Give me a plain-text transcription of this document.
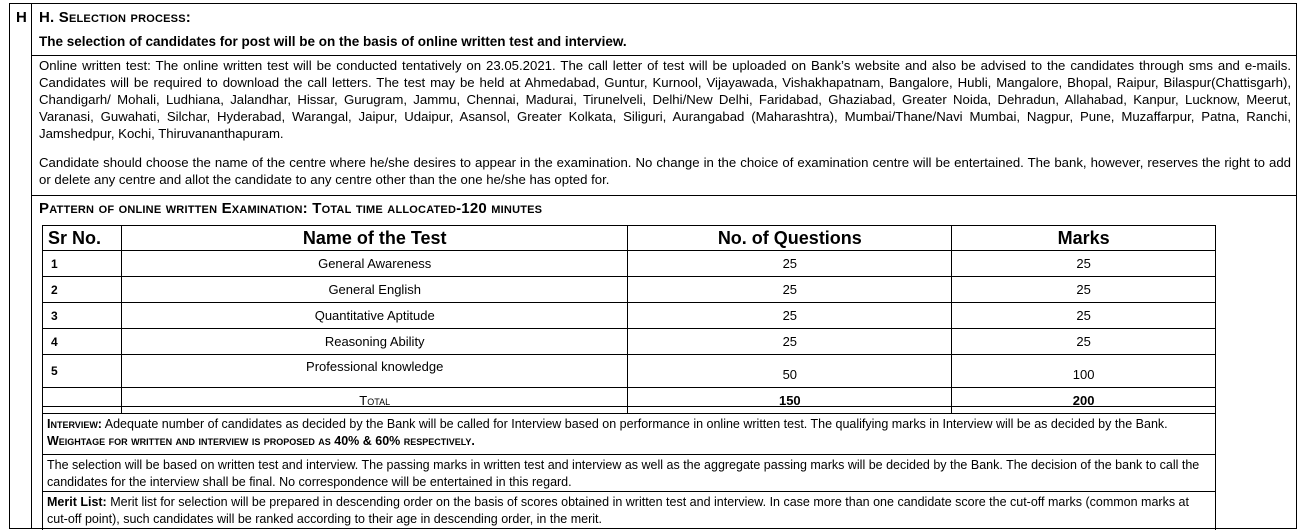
H H. Selection process:
The selection of candidates for post will be on the basis of online written test and interview.
Online written test: The online written test will be conducted tentatively on 23.05.2021. The call letter of test will be uploaded on Bank’s website and also be advised to the candidates through sms and e-mails. Candidates will be required to download the call letters. The test may be held at Ahmedabad, Guntur, Kurnool, Vijayawada, Vishakhapatnam, Bangalore, Hubli, Mangalore, Bhopal, Raipur, Bilaspur(Chattisgarh), Chandigarh/ Mohali, Ludhiana, Jalandhar, Hissar, Gurugram, Jammu, Chennai, Madurai, Tirunelveli, Delhi/New Delhi, Faridabad, Ghaziabad, Greater Noida, Dehradun, Allahabad, Kanpur, Lucknow, Meerut, Varanasi, Guwahati, Silchar, Hyderabad, Warangal, Jaipur, Udaipur, Asansol, Greater Kolkata, Siliguri, Aurangabad (Maharashtra), Mumbai/Thane/Navi Mumbai, Nagpur, Pune, Muzaffarpur, Patna, Ranchi, Jamshedpur, Kochi, Thiruvananthapuram.
Candidate should choose the name of the centre where he/she desires to appear in the examination. No change in the choice of examination centre will be entertained. The bank, however, reserves the right to add or delete any centre and allot the candidate to any centre other than the one he/she has opted for.
Pattern of online written Examination: Total time allocated-120 minutes
Sr No.	Name of the Test	No. of Questions	Marks
1	General Awareness	25	25
2	General English	25	25
3	Quantitative Aptitude	25	25
4	Reasoning Ability	25	25
5	Professional knowledge	50	100

	Total	150	200
Interview: Adequate number of candidates as decided by the Bank will be called for Interview based on performance in online written test. The qualifying marks in Interview will be as decided by the Bank. Weightage for written and interview is proposed as 40% & 60% respectively.
The selection will be based on written test and interview. The passing marks in written test and interview as well as the aggregate passing marks will be decided by the Bank. The decision of the bank to call the candidates for the interview shall be final. No correspondence will be entertained in this regard.
Merit List: Merit list for selection will be prepared in descending order on the basis of scores obtained in written test and interview. In case more than one candidate score the cut-off marks (common marks at cut-off point), such candidates will be ranked according to their age in descending order, in the merit.
